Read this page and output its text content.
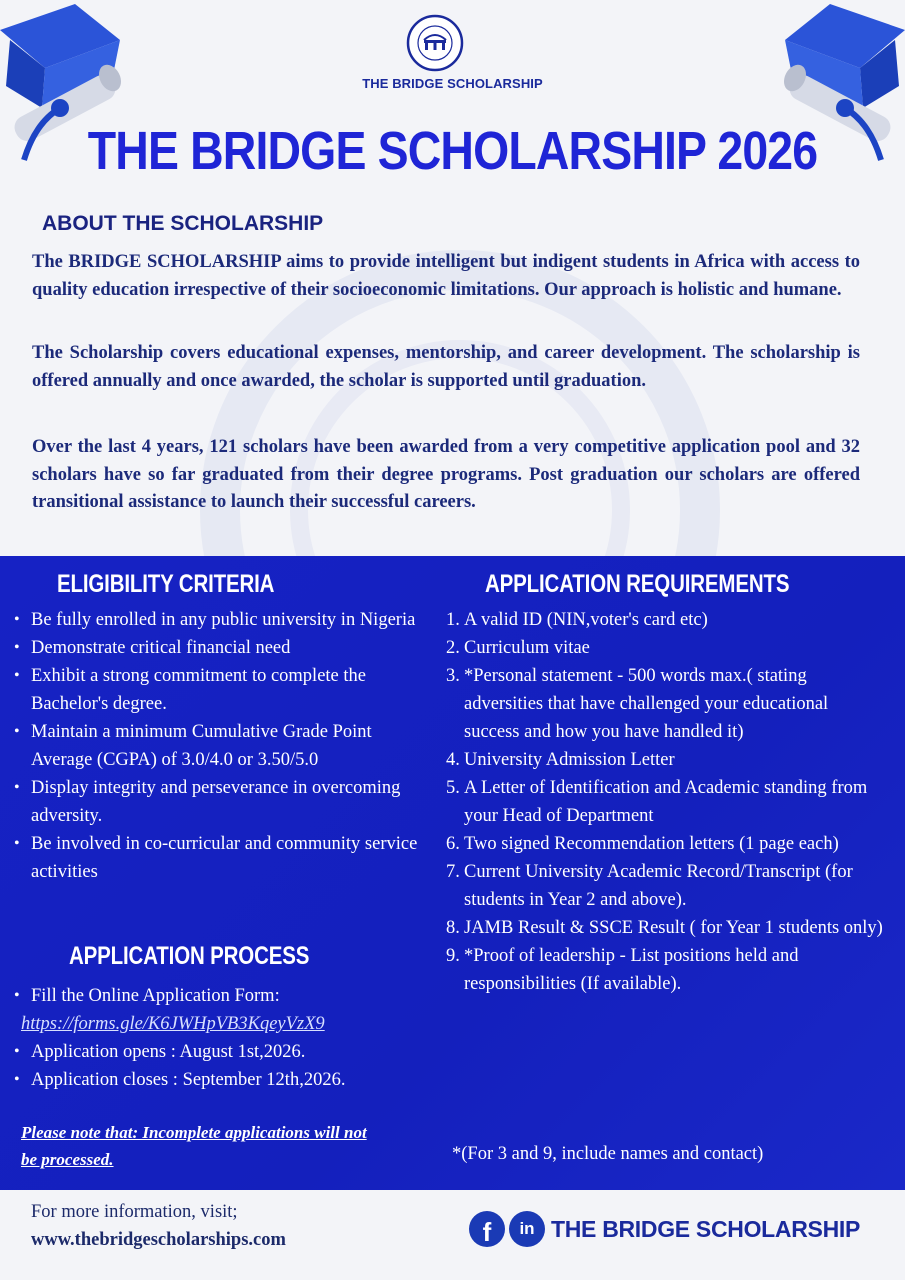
THE BRIDGE SCHOLARSHIP
THE BRIDGE SCHOLARSHIP 2026
ABOUT THE SCHOLARSHIP

The BRIDGE SCHOLARSHIP aims to provide intelligent but indigent students in Africa with access to quality education irrespective of their socioeconomic limitations. Our approach is holistic and humane.

The Scholarship covers educational expenses, mentorship, and career development. The scholarship is offered annually and once awarded, the scholar is supported until graduation.

Over the last 4 years, 121 scholars have been awarded from a very competitive application pool and 32 scholars have so far graduated from their degree programs. Post graduation our scholars are offered transitional assistance to launch their successful careers.

ELIGIBILITY CRITERIA
• Be fully enrolled in any public university in Nigeria
• Demonstrate critical financial need
• Exhibit a strong commitment to complete the Bachelor's degree.
• Maintain a minimum Cumulative Grade Point Average (CGPA) of 3.0/4.0 or 3.50/5.0
• Display integrity and perseverance in overcoming adversity.
• Be involved in co-curricular and community service activities
APPLICATION PROCESS
• Fill the Online Application Form:
https://forms.gle/K6JWHpVB3KqeyVzX9
• Application opens : August 1st,2026.
• Application closes : September 12th,2026.
Please note that: Incomplete applications will not be processed.
APPLICATION REQUIREMENTS
1. A valid ID (NIN,voter's card etc)
2. Curriculum vitae
3. *Personal statement - 500 words max.( stating adversities that have challenged your educational success and how you have handled it)
4. University Admission Letter
5. A Letter of Identification and Academic standing from your Head of Department
6. Two signed Recommendation letters (1 page each)
7. Current University Academic Record/Transcript (for students in Year 2 and above).
8. JAMB Result & SSCE Result ( for Year 1 students only)
9. *Proof of leadership - List positions held and responsibilities (If available).
*(For 3 and 9, include names and contact)
For more information, visit;
www.thebridgescholarships.com	f in THE BRIDGE SCHOLARSHIP
